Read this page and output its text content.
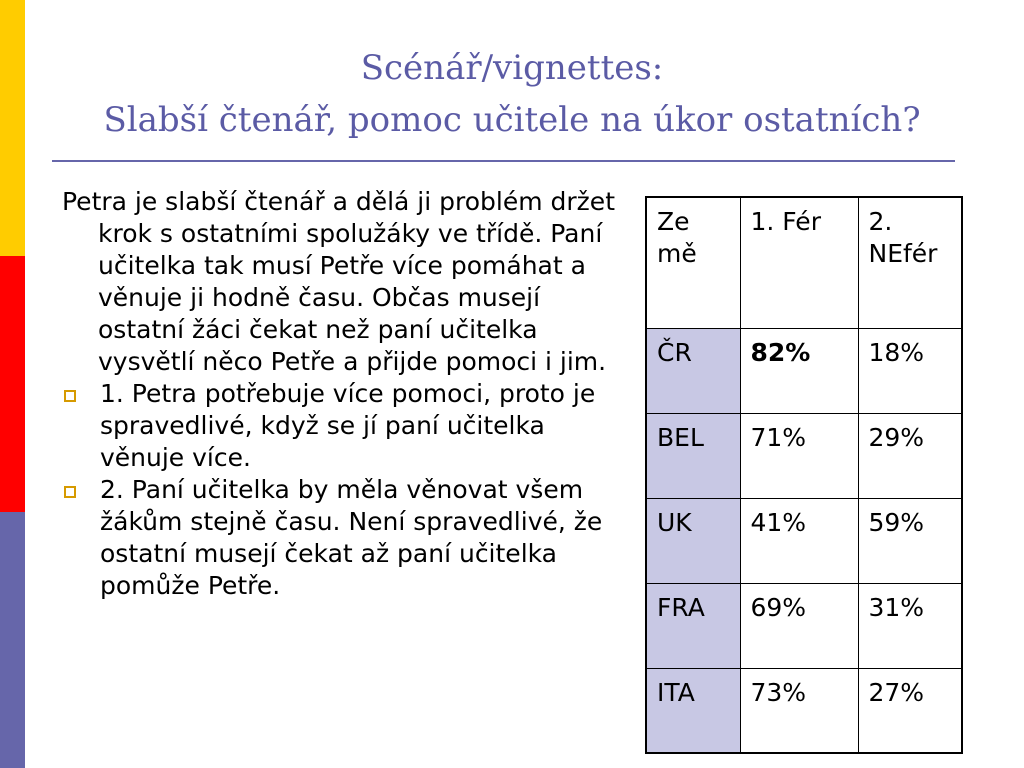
Scénář/vignettes:
Slabší čtenář, pomoc učitele na úkor ostatních?
Petra je slabší čtenář a dělá ji problém držet krok s ostatními spolužáky ve třídě. Paní učitelka tak musí Petře více pomáhat a věnuje ji hodně času. Občas musejí ostatní žáci čekat než paní učitelka vysvětlí něco Petře a přijde pomoci i jim.
1. Petra potřebuje více pomoci, proto je spravedlivé, když se jí paní učitelka věnuje více.
2. Paní učitelka by měla věnovat všem žákům stejně času. Není spravedlivé, že ostatní musejí čekat až paní učitelka pomůže Petře.
Ze mě	1. Fér	2. NEfér
ČR	82%	18%
BEL	71%	29%
UK	41%	59%
FRA	69%	31%
ITA	73%	27%
